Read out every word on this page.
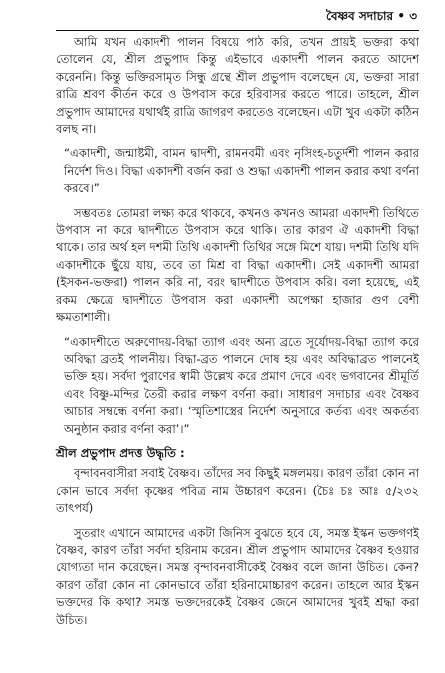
বৈষ্ণব সদাচার • ৩

আমি যখন একাদশী পালন বিষয়ে পাঠ করি, তখন প্রায়ই ভক্তরা কথা তোলেন যে, শ্রীল প্রভুপাদ কিন্তু এইভাবে একাদশী পালন করতে আদেশ করেননি। কিন্তু ভক্তিরসামৃত সিন্ধু গ্রন্থে শ্রীল প্রভুপাদ বলেছেন যে, ভক্তরা সারা রাত্রি শ্রবণ কীর্তন করে ও উপবাস করে হরিবাসর করতে পারে। তাহলে, শ্রীল প্রভুপাদ আমাদের যথার্থই রাত্রি জাগরণ করতেও বলেছেন। এটা খুব একটা কঠিন বলছ না।

“একাদশী, জন্মাষ্টমী, বামন দ্বাদশী, রামনবমী এবং নৃসিংহ-চতুর্দশী পালন করার নির্দেশ দিও। বিদ্ধা একাদশী বর্জন করা ও শুদ্ধা একাদশী পালন করার কথা বর্ণনা করবে।”

সম্ভবতঃ তোমরা লক্ষ্য করে থাকবে, কখনও কখনও আমরা একাদশী তিথিতে উপবাস না করে দ্বাদশীতে উপবাস করে থাকি। তার কারণ ঐ একাদশী বিদ্ধা থাকে। তার অর্থ হল দশমী তিথি একাদশী তিথির সঙ্গে মিশে যায়। দশমী তিথি যদি একাদশীকে ছুঁয়ে যায়, তবে তা মিশ্র বা বিদ্ধা একাদশী। সেই একাদশী আমরা (ইসকন-ভক্তরা) পালন করি না, বরং দ্বাদশীতে উপবাস করি। বলা হয়েছে, এই রকম ক্ষেত্রে দ্বাদশীতে উপবাস করা একাদশী অপেক্ষা হাজার গুণ বেশী ক্ষমতাশালী।

“একাদশীতে অরুণোদয়-বিদ্ধা ত্যাগ এবং অন্য ব্রতে সূর্যোদয়-বিদ্ধা ত্যাগ করে অবিদ্ধা ব্রতই পালনীয়। বিদ্ধা-ব্রত পালনে দোষ হয় এবং অবিদ্ধাব্রত পালনেই ভক্তি হয়। সর্বদা পুরাণের স্বামী উল্লেখ করে প্রমাণ দেবে এবং ভগবানের শ্রীমূর্তি এবং বিষ্ণু-মন্দির তৈরী করার লক্ষণ বর্ণনা করা। সাধারণ সদাচার এবং বৈষ্ণব আচার সম্বন্ধে বর্ণনা করা। ‘স্মৃতিশাস্ত্রের নির্দেশ অনুসারে কর্তব্য এবং অকর্তব্য অনুষ্ঠান করার বর্ণনা করা’।”

শ্রীল প্রভুপাদ প্রদত্ত উদ্ধৃতি :

বৃন্দাবনবাসীরা সবাই বৈষ্ণব। তাঁদের সব কিছুই মঙ্গলময়। কারণ তাঁরা কোন না কোন ভাবে সর্বদা কৃষ্ণের পবিত্র নাম উচ্চারণ করেন। (চৈঃ চঃ আঃ ৫/২৩২ তাৎপর্য)

সুতরাং এখানে আমাদের একটা জিনিস বুঝতে হবে যে, সমস্ত ইস্কন ভক্তগণই বৈষ্ণব, কারণ তাঁরা সর্বদা হরিনাম করেন। শ্রীল প্রভুপাদ আমাদের বৈষ্ণব হওয়ার যোগ্যতা দান করেছেন। সমস্ত বৃন্দাবনবাসীকেই বৈষ্ণব বলে জানা উচিত। কেন? কারণ তাঁরা কোন না কোনভাবে তাঁরা হরিনামোচ্চারণ করেন। তাহলে আর ইস্কন ভক্তদের কি কথা? সমস্ত ভক্তদেরকেই বৈষ্ণব জেনে আমাদের খুবই শ্রদ্ধা করা উচিত।
